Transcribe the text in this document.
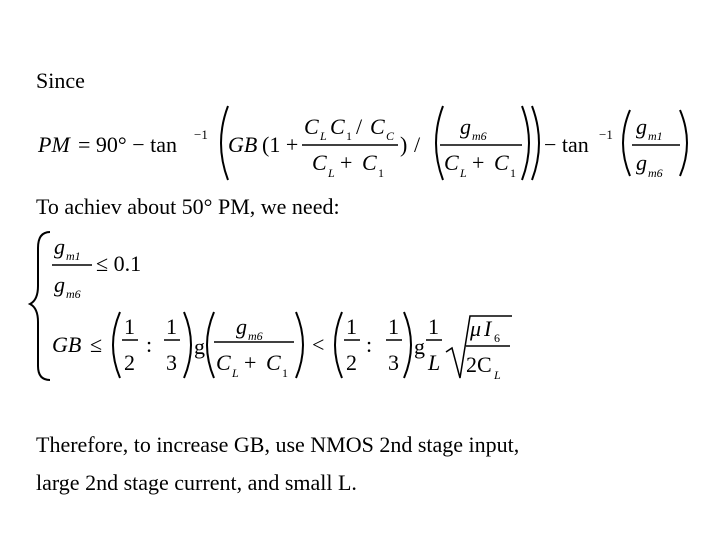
Since
PM = 90° − tan −1 GB (1 +
C L C 1 / C C
C L + C 1
) /
g m6
C L + C 1
− tan −1 g m1
g m6
To achiev about 50° PM, we need:
g m1
g m6
≤ 0.1
GB ≤
1
2
:
1
3
g
g m6
C L + C 1
<
1
2
:
1
3
g
1
L
μ I 6
2C L
Therefore, to increase GB, use NMOS 2nd stage input,
large 2nd stage current, and small L.
